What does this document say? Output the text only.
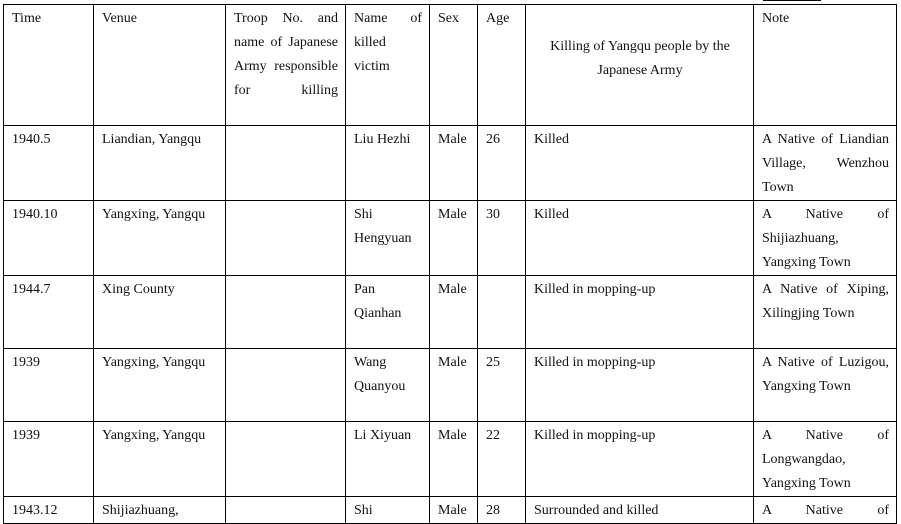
Time	Venue	Troop No. and name of Japanese Army responsible for killing	Name of killed victim	Sex	Age	Killing of Yangqu people by the Japanese Army	Note
1940.5	Liandian, Yangqu		Liu Hezhi	Male	26	Killed	A Native of Liandian Village, Wenzhou Town
1940.10	Yangxing, Yangqu		Shi Hengyuan	Male	30	Killed	A Native of Shijiazhuang, Yangxing Town
1944.7	Xing County		Pan Qianhan	Male		Killed in mopping-up	A Native of Xiping, Xilingjing Town
1939	Yangxing, Yangqu		Wang Quanyou	Male	25	Killed in mopping-up	A Native of Luzigou, Yangxing Town
1939	Yangxing, Yangqu		Li Xiyuan	Male	22	Killed in mopping-up	A Native of Longwangdao, Yangxing Town
1943.12	Shijiazhuang,		Shi	Male	28	Surrounded and killed	A Native of
